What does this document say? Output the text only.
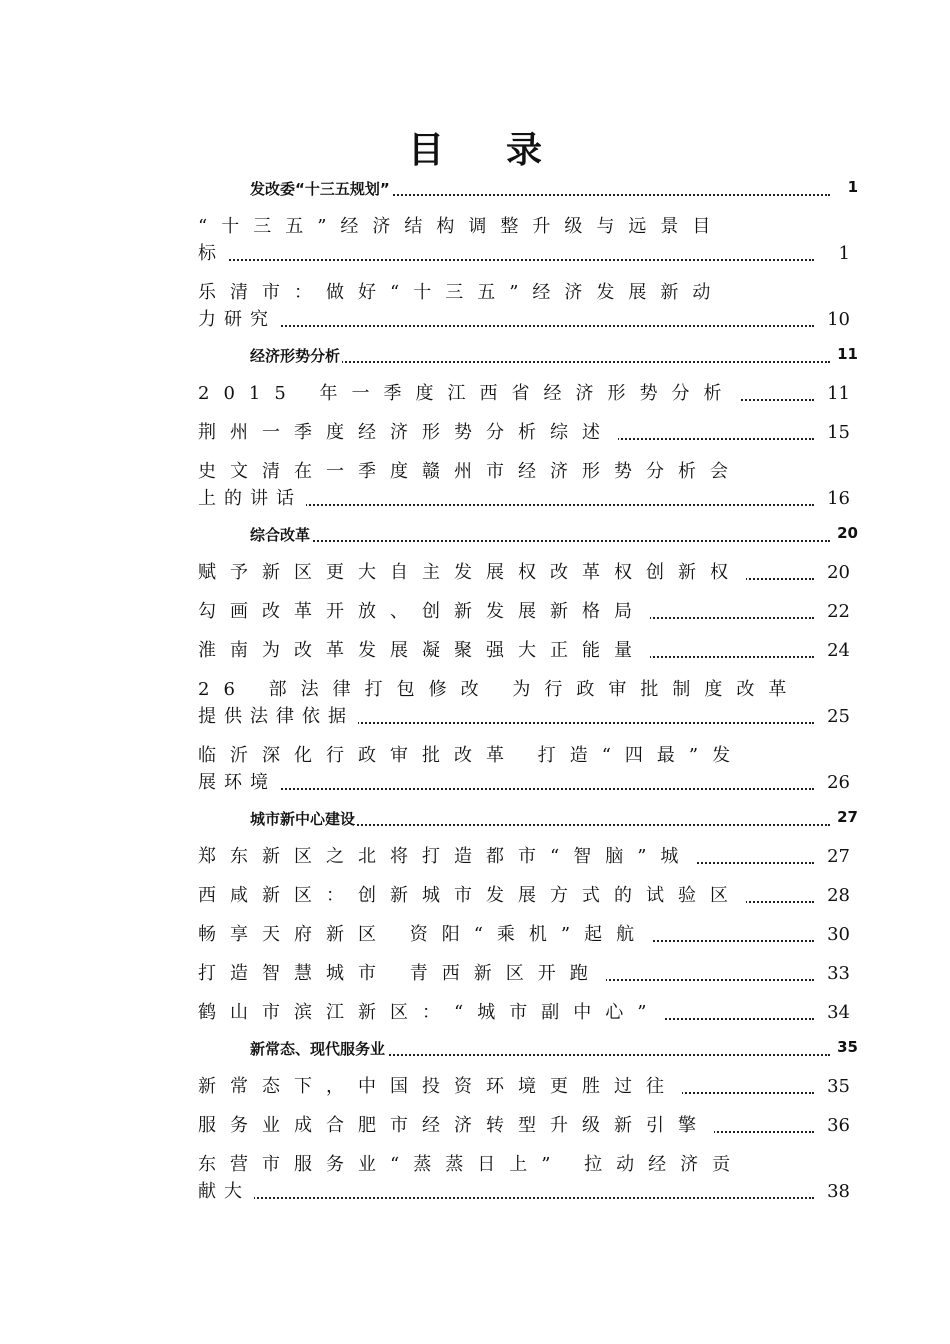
目录
发改委“十三五规划”	1
“十三五”经济结构调整升级与远景目
标	1
乐清市：做好“十三五”经济发展新动
力研究	10
经济形势分析	11
2015 年一季度江西省经济形势分析	11
荆州一季度经济形势分析综述	15
史文清在一季度赣州市经济形势分析会
上的讲话	16
综合改革	20
赋予新区更大自主发展权改革权创新权	20
勾画改革开放、创新发展新格局	22
淮南为改革发展凝聚强大正能量	24
26 部法律打包修改 为行政审批制度改革
提供法律依据	25
临沂深化行政审批改革 打造“四最”发
展环境	26
城市新中心建设	27
郑东新区之北将打造都市“智脑”城	27
西咸新区：创新城市发展方式的试验区	28
畅享天府新区 资阳“乘机”起航	30
打造智慧城市 青西新区开跑	33
鹤山市滨江新区：“城市副中心”	34
新常态、现代服务业	35
新常态下，中国投资环境更胜过往	35
服务业成合肥市经济转型升级新引擎	36
东营市服务业“蒸蒸日上” 拉动经济贡
献大	38
